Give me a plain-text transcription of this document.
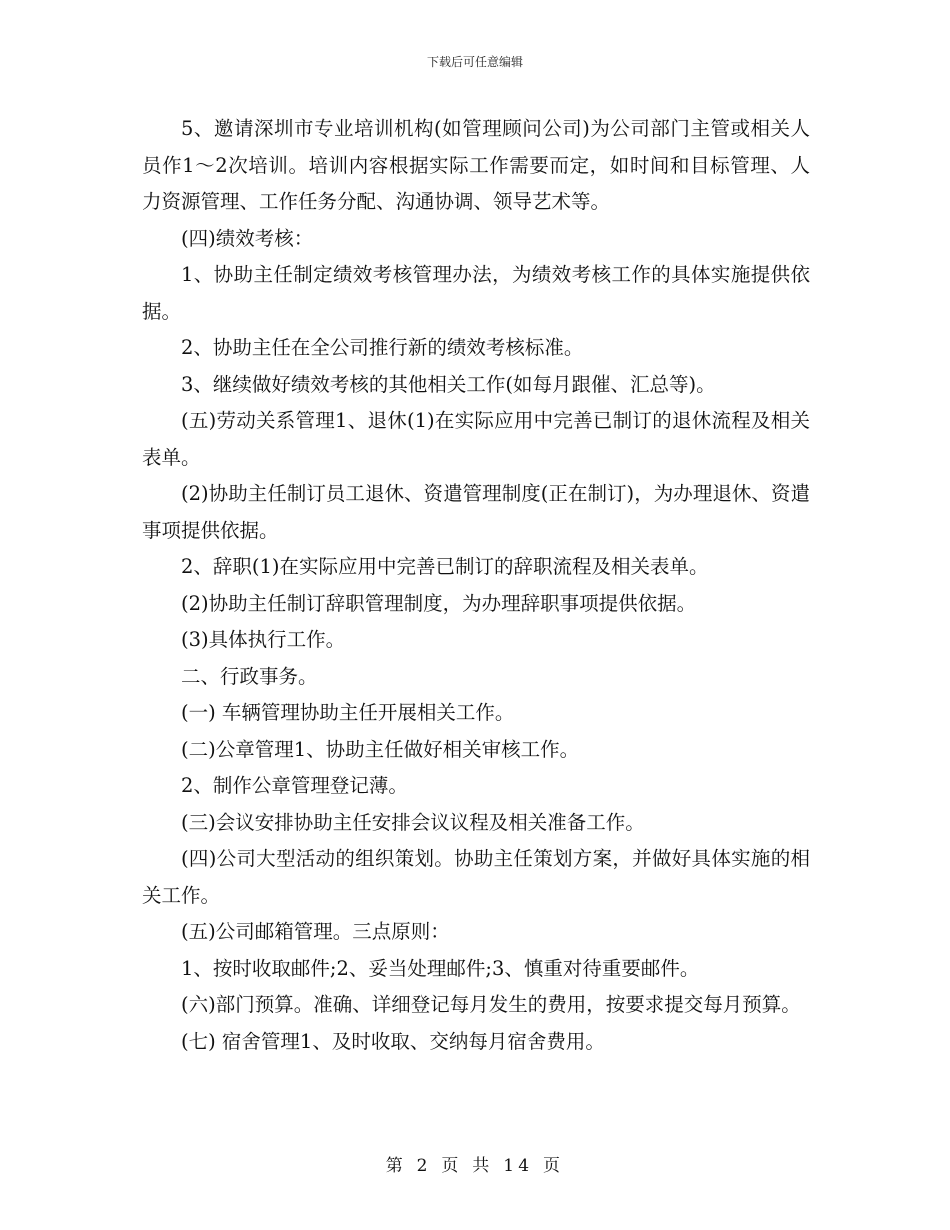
下载后可任意编辑

5、邀请深圳市专业培训机构(如管理顾问公司)为公司部门主管或相关人员作1～2次培训。培训内容根据实际工作需要而定，如时间和目标管理、人力资源管理、工作任务分配、沟通协调、领导艺术等。

(四)绩效考核：

1、协助主任制定绩效考核管理办法，为绩效考核工作的具体实施提供依据。

2、协助主任在全公司推行新的绩效考核标准。

3、继续做好绩效考核的其他相关工作(如每月跟催、汇总等)。

(五)劳动关系管理1、退休(1)在实际应用中完善已制订的退休流程及相关表单。

(2)协助主任制订员工退休、资遣管理制度(正在制订)，为办理退休、资遣事项提供依据。

2、辞职(1)在实际应用中完善已制订的辞职流程及相关表单。

(2)协助主任制订辞职管理制度，为办理辞职事项提供依据。

(3)具体执行工作。

二、行政事务。

(一) 车辆管理协助主任开展相关工作。

(二)公章管理1、协助主任做好相关审核工作。

2、制作公章管理登记薄。

(三)会议安排协助主任安排会议议程及相关准备工作。

(四)公司大型活动的组织策划。协助主任策划方案，并做好具体实施的相关工作。

(五)公司邮箱管理。三点原则：

1、按时收取邮件;2、妥当处理邮件;3、慎重对待重要邮件。

(六)部门预算。准确、详细登记每月发生的费用，按要求提交每月预算。

(七) 宿舍管理1、及时收取、交纳每月宿舍费用。

第 2 页 共 14 页
